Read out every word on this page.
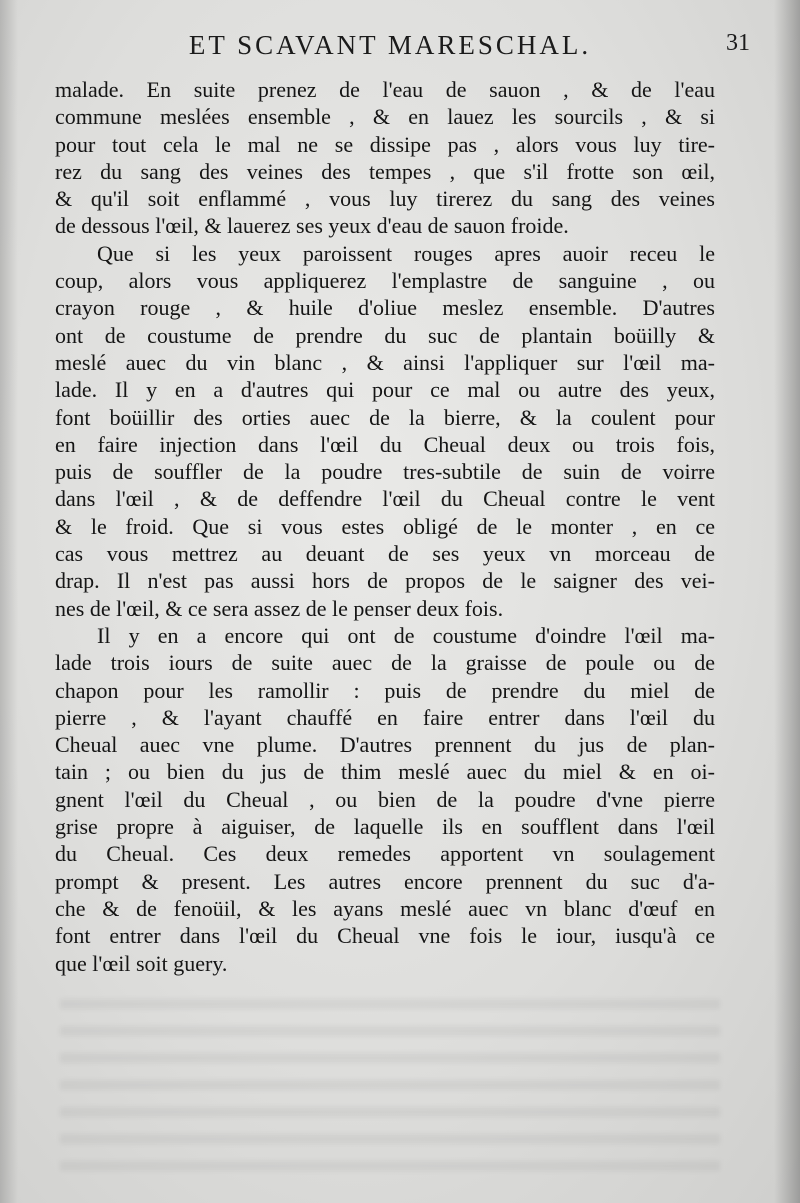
ET SCAVANT MARESCHAL.	31
malade. En suite prenez de l'eau de sauon , & de l'eau
commune meslées ensemble , & en lauez les sourcils , & si
pour tout cela le mal ne se dissipe pas , alors vous luy tire-
rez du sang des veines des tempes , que s'il frotte son œil,
& qu'il soit enflammé , vous luy tirerez du sang des veines
de dessous l'œil, & lauerez ses yeux d'eau de sauon froide.
Que si les yeux paroissent rouges apres auoir receu le
coup, alors vous appliquerez l'emplastre de sanguine , ou
crayon rouge , & huile d'oliue meslez ensemble. D'autres
ont de coustume de prendre du suc de plantain boüilly &
meslé auec du vin blanc , & ainsi l'appliquer sur l'œil ma-
lade. Il y en a d'autres qui pour ce mal ou autre des yeux,
font boüillir des orties auec de la bierre, & la coulent pour
en faire injection dans l'œil du Cheual deux ou trois fois,
puis de souffler de la poudre tres-subtile de suin de voirre
dans l'œil , & de deffendre l'œil du Cheual contre le vent
& le froid. Que si vous estes obligé de le monter , en ce
cas vous mettrez au deuant de ses yeux vn morceau de
drap. Il n'est pas aussi hors de propos de le saigner des vei-
nes de l'œil, & ce sera assez de le penser deux fois.
Il y en a encore qui ont de coustume d'oindre l'œil ma-
lade trois iours de suite auec de la graisse de poule ou de
chapon pour les ramollir : puis de prendre du miel de
pierre , & l'ayant chauffé en faire entrer dans l'œil du
Cheual auec vne plume. D'autres prennent du jus de plan-
tain ; ou bien du jus de thim meslé auec du miel & en oi-
gnent l'œil du Cheual , ou bien de la poudre d'vne pierre
grise propre à aiguiser, de laquelle ils en soufflent dans l'œil
du Cheual. Ces deux remedes apportent vn soulagement
prompt & present. Les autres encore prennent du suc d'a-
che & de fenoüil, & les ayans meslé auec vn blanc d'œuf en
font entrer dans l'œil du Cheual vne fois le iour, iusqu'à ce
que l'œil soit guery.
